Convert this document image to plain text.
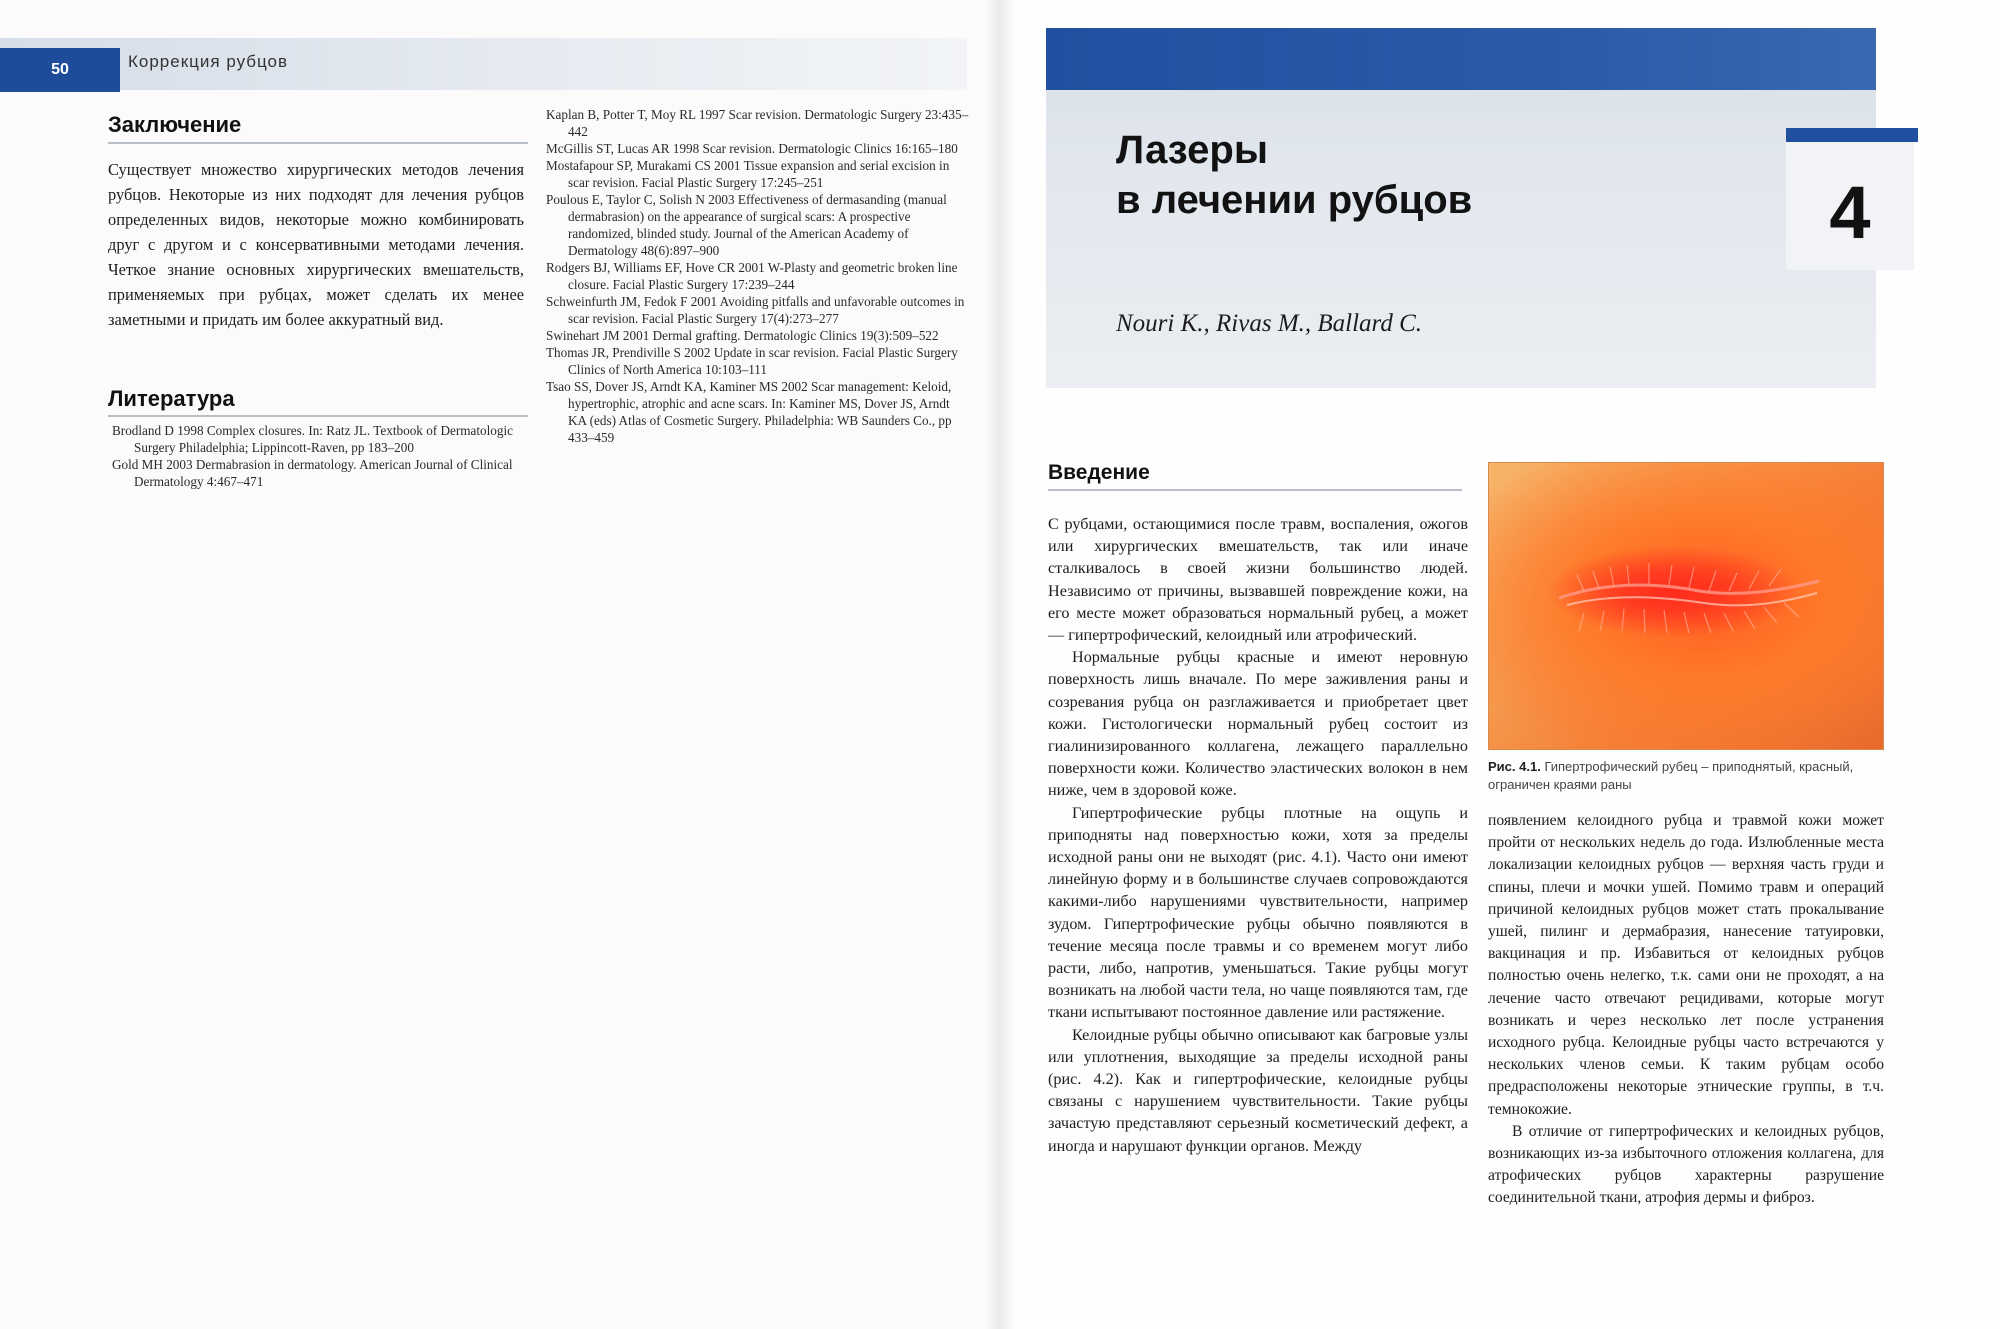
50	Коррекция рубцов
Заключение

Существует множество хирургических методов лечения рубцов. Некоторые из них подходят для лечения рубцов определенных видов, некоторые можно комбинировать друг с другом и с консервативными методами лечения. Четкое знание основных хирургических вмешательств, применяемых при рубцах, может сделать их менее заметными и придать им более аккуратный вид.

Литература

Brodland D 1998 Complex closures. In: Ratz JL. Textbook of Dermatologic Surgery Philadelphia; Lippincott-Raven, pp 183–200

Gold MH 2003 Dermabrasion in dermatology. American Journal of Clinical Dermatology 4:467–471

Kaplan B, Potter T, Moy RL 1997 Scar revision. Dermatologic Surgery 23:435–442

McGillis ST, Lucas AR 1998 Scar revision. Dermatologic Clinics 16:165–180

Mostafapour SP, Murakami CS 2001 Tissue expansion and serial excision in scar revision. Facial Plastic Surgery 17:245–251

Poulous E, Taylor C, Solish N 2003 Effectiveness of dermasanding (manual dermabrasion) on the appearance of surgical scars: A prospective randomized, blinded study. Journal of the American Academy of Dermatology 48(6):897–900

Rodgers BJ, Williams EF, Hove CR 2001 W-Plasty and geometric broken line closure. Facial Plastic Surgery 17:239–244

Schweinfurth JM, Fedok F 2001 Avoiding pitfalls and unfavorable outcomes in scar revision. Facial Plastic Surgery 17(4):273–277

Swinehart JM 2001 Dermal grafting. Dermatologic Clinics 19(3):509–522

Thomas JR, Prendiville S 2002 Update in scar revision. Facial Plastic Surgery Clinics of North America 10:103–111

Tsao SS, Dover JS, Arndt KA, Kaminer MS 2002 Scar management: Keloid, hypertrophic, atrophic and acne scars. In: Kaminer MS, Dover JS, Arndt KA (eds) Atlas of Cosmetic Surgery. Philadelphia: WB Saunders Co., pp 433–459

Лазеры
в лечении рубцов
Nouri K., Rivas M., Ballard C.
4
Введение

С рубцами, остающимися после травм, воспаления, ожогов или хирургических вмешательств, так или иначе сталкивалось в своей жизни большинство людей. Независимо от причины, вызвавшей повреждение кожи, на его месте может образоваться нормальный рубец, а может — гипертрофический, келоидный или атрофический.

Нормальные рубцы красные и имеют неровную поверхность лишь вначале. По мере заживления раны и созревания рубца он разглаживается и приобретает цвет кожи. Гистологически нормальный рубец состоит из гиалинизированного коллагена, лежащего параллельно поверхности кожи. Количество эластических волокон в нем ниже, чем в здоровой коже.

Гипертрофические рубцы плотные на ощупь и приподняты над поверхностью кожи, хотя за пределы исходной раны они не выходят (рис. 4.1). Часто они имеют линейную форму и в большинстве случаев сопровождаются какими-либо нарушениями чувствительности, например зудом. Гипертрофические рубцы обычно появляются в течение месяца после травмы и со временем могут либо расти, либо, напротив, уменьшаться. Такие рубцы могут возникать на любой части тела, но чаще появляются там, где ткани испытывают постоянное давление или растяжение.

Келоидные рубцы обычно описывают как багровые узлы или уплотнения, выходящие за пределы исходной раны (рис. 4.2). Как и гипертрофические, келоидные рубцы связаны с нарушением чувствительности. Такие рубцы зачастую представляют серьезный косметический дефект, а иногда и нарушают функции органов. Между

Рис. 4.1. Гипертрофический рубец – приподнятый, красный, ограничен краями раны

появлением келоидного рубца и травмой кожи может пройти от нескольких недель до года. Излюбленные места локализации келоидных рубцов — верхняя часть груди и спины, плечи и мочки ушей. Помимо травм и операций причиной келоидных рубцов может стать прокалывание ушей, пилинг и дермабразия, нанесение татуировки, вакцинация и пр. Избавиться от келоидных рубцов полностью очень нелегко, т.к. сами они не проходят, а на лечение часто отвечают рецидивами, которые могут возникать и через несколько лет после устранения исходного рубца. Келоидные рубцы часто встречаются у нескольких членов семьи. К таким рубцам особо предрасположены некоторые этнические группы, в т.ч. темнокожие.

В отличие от гипертрофических и келоидных рубцов, возникающих из-за избыточного отложения коллагена, для атрофических рубцов характерны разрушение соединительной ткани, атрофия дермы и фиброз.
